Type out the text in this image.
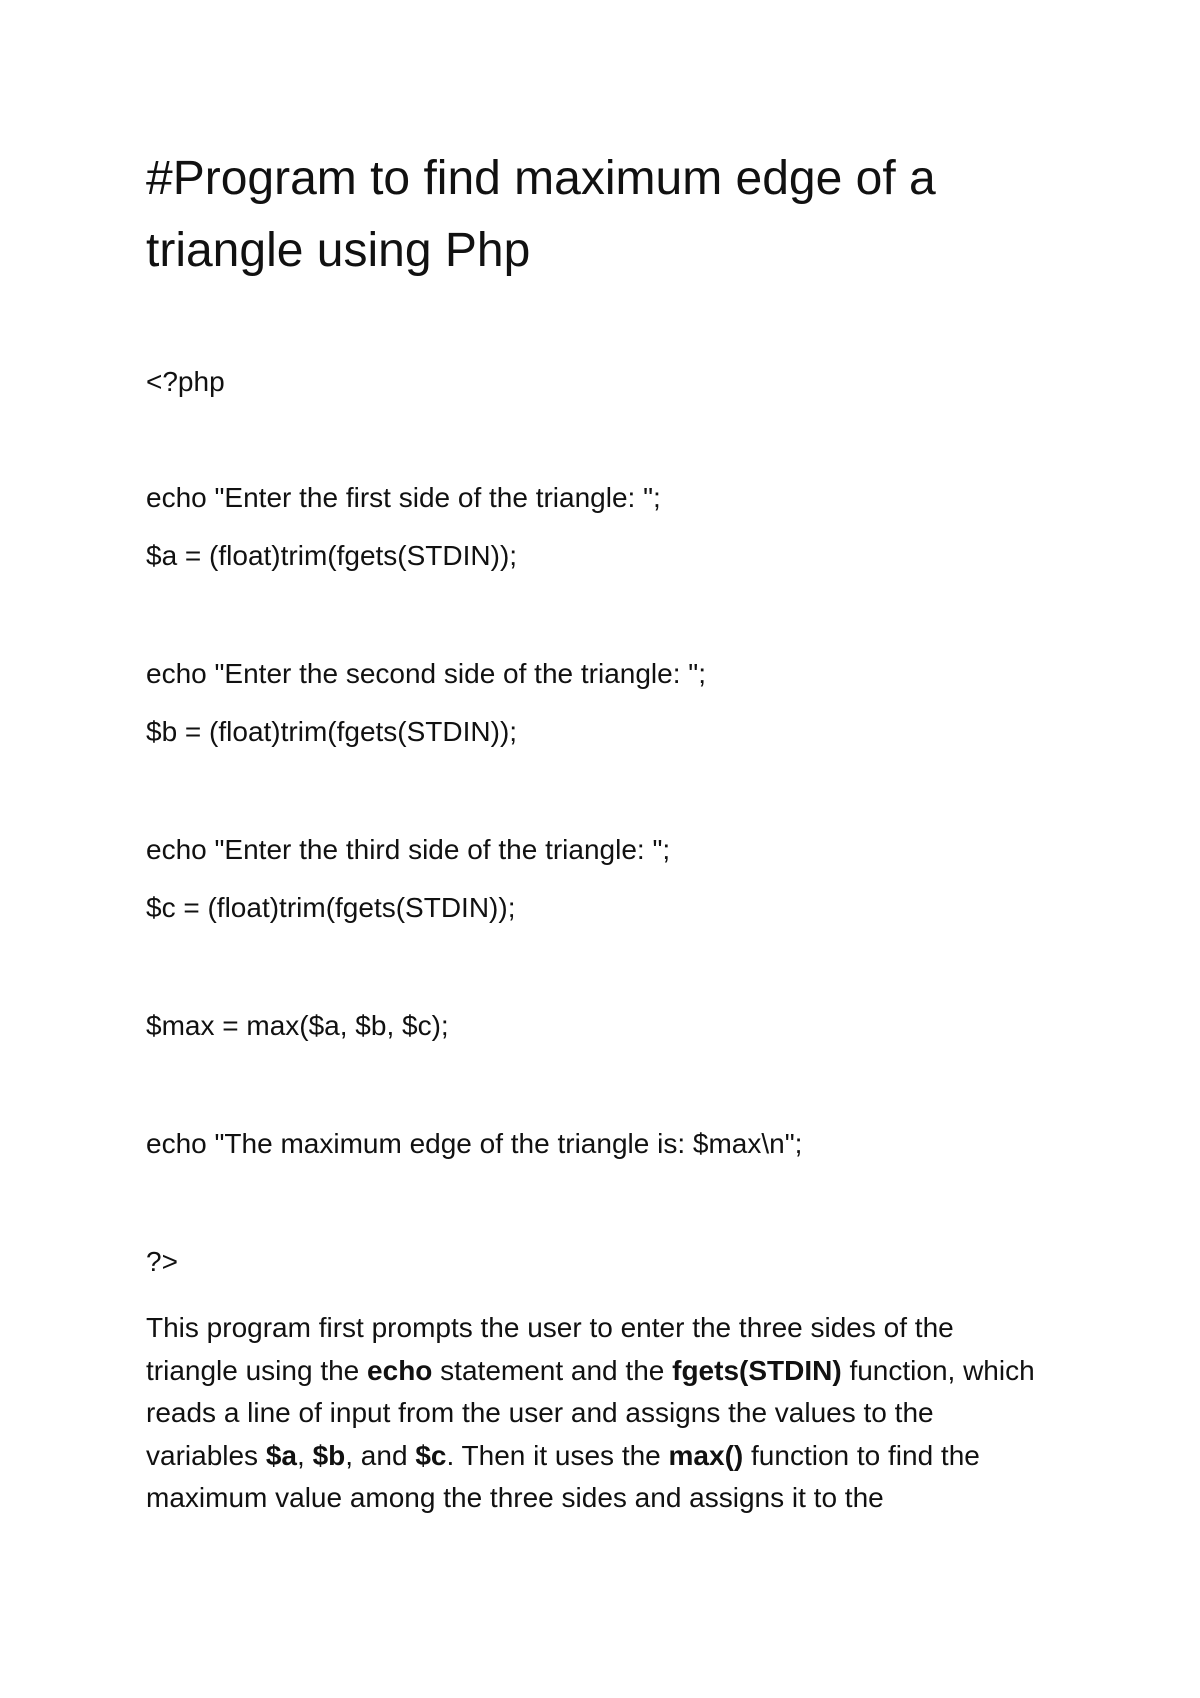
#Program to find maximum edge of a triangle using Php

<?php

echo "Enter the first side of the triangle: ";

$a = (float)trim(fgets(STDIN));

echo "Enter the second side of the triangle: ";

$b = (float)trim(fgets(STDIN));

echo "Enter the third side of the triangle: ";

$c = (float)trim(fgets(STDIN));

$max = max($a, $b, $c);

echo "The maximum edge of the triangle is: $max\n";

?>

This program first prompts the user to enter the three sides of the triangle using the echo statement and the fgets(STDIN) function, which reads a line of input from the user and assigns the values to the variables $a, $b, and $c. Then it uses the max() function to find the maximum value among the three sides and assigns it to the
